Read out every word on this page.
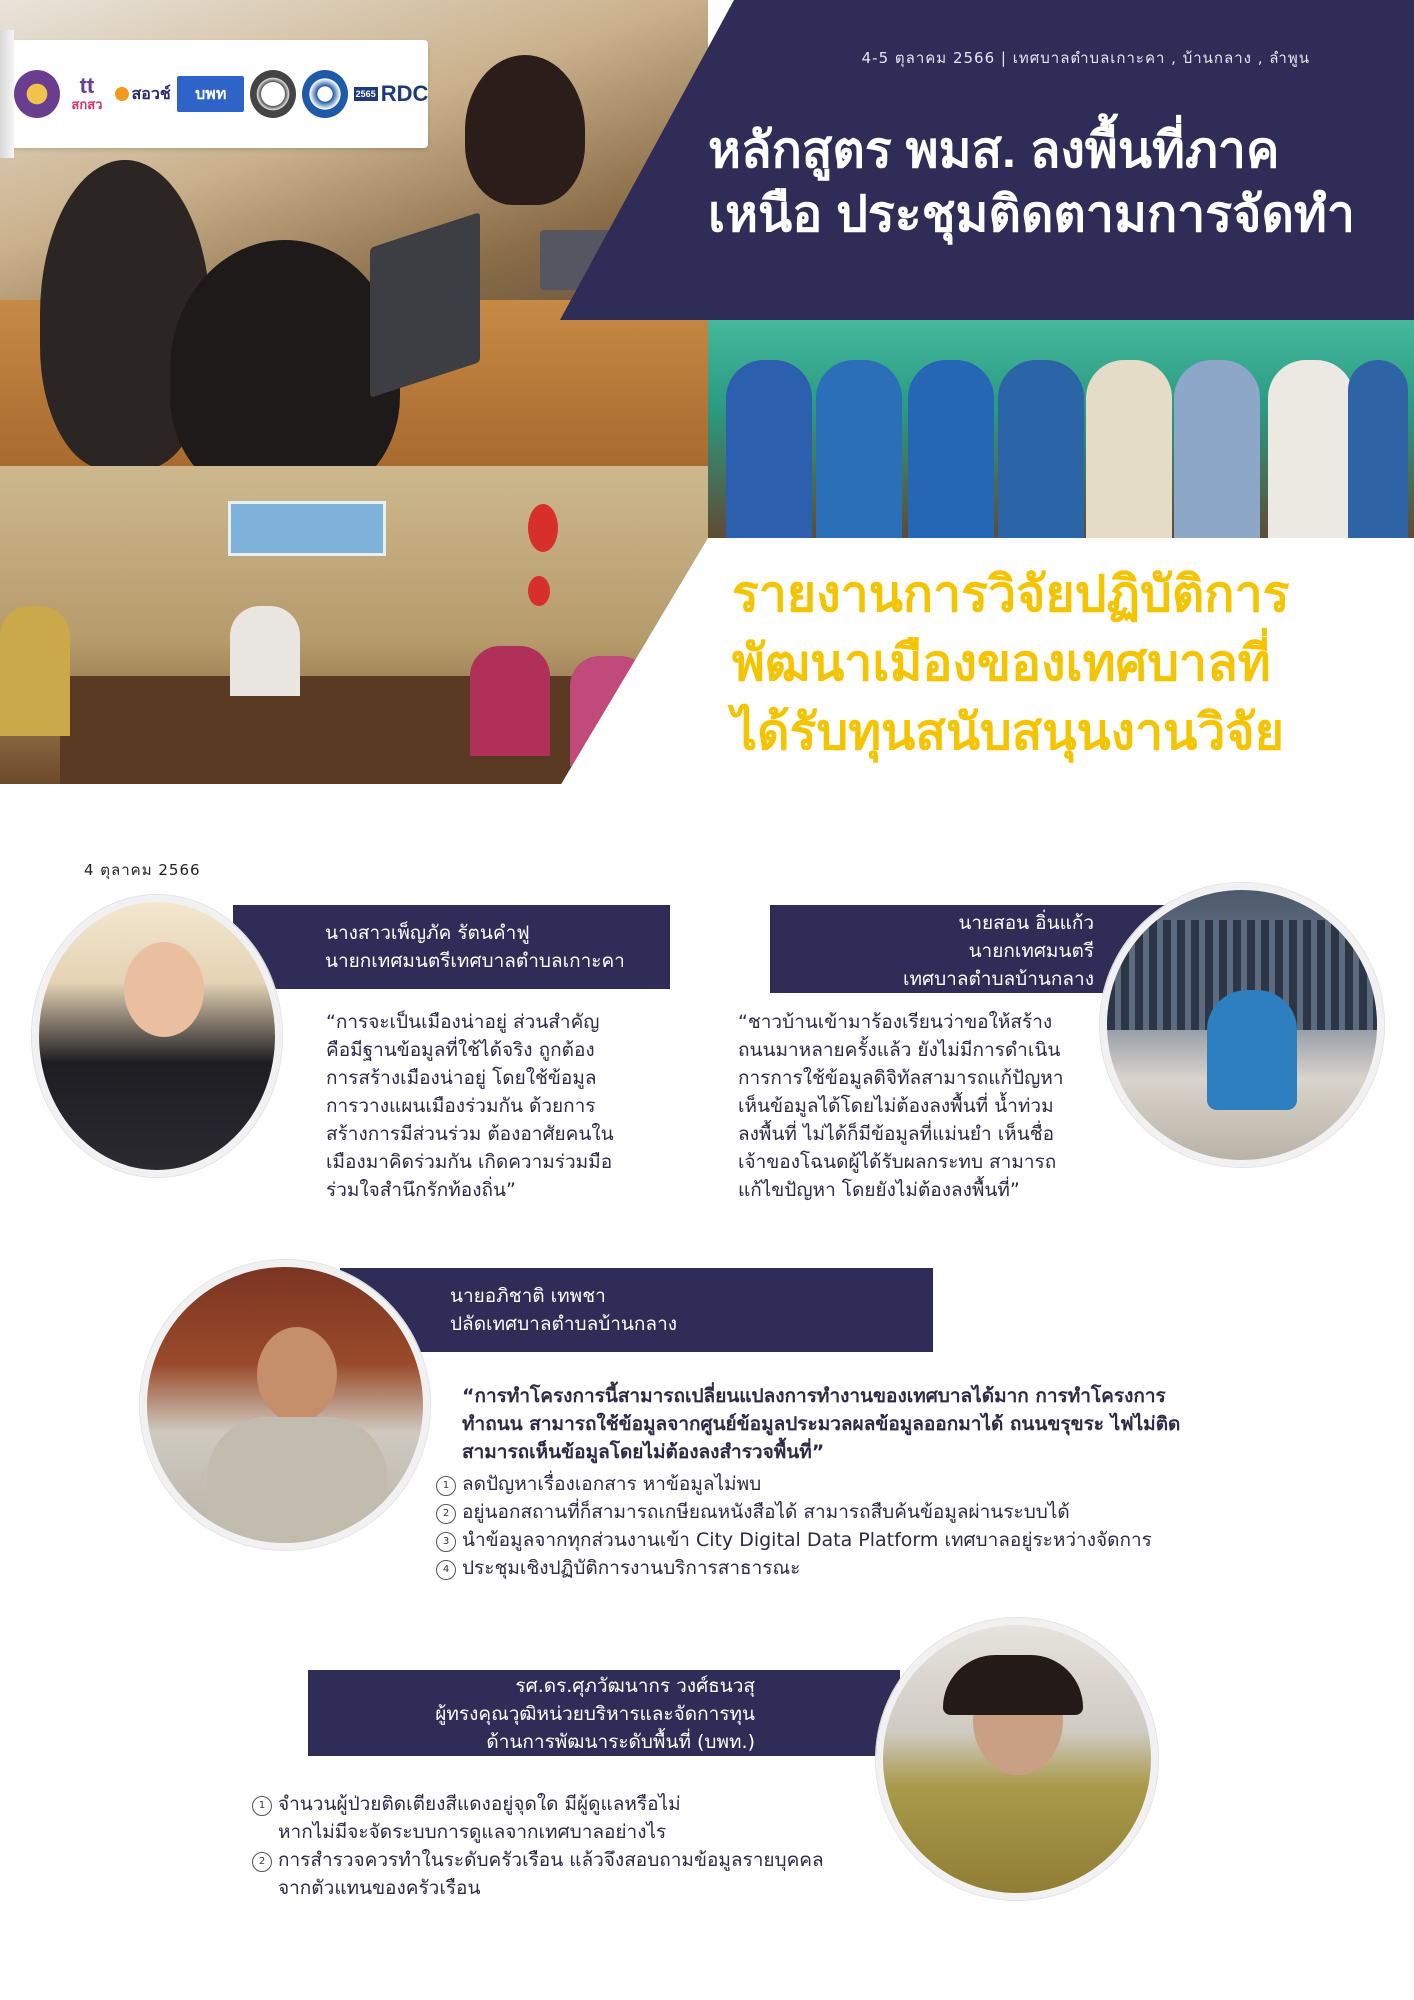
tt
สกสว
สอวช์	บพท	2565 RDC
4-5 ตุลาคม 2566 | เทศบาลตำบลเกาะคา , บ้านกลาง , ลำพูน
หลักสูตร พมส. ลงพื้นที่ภาค
เหนือ ประชุมติดตามการจัดทำ
รายงานการวิจัยปฏิบัติการ
พัฒนาเมืองของเทศบาลที่
ได้รับทุนสนับสนุนงานวิจัย
4 ตุลาคม 2566
นางสาวเพ็ญภัค รัตนคำฟู
นายกเทศมนตรีเทศบาลตำบลเกาะคา
“การจะเป็นเมืองน่าอยู่ ส่วนสำคัญ
คือมีฐานข้อมูลที่ใช้ได้จริง ถูกต้อง
การสร้างเมืองน่าอยู่ โดยใช้ข้อมูล
การวางแผนเมืองร่วมกัน ด้วยการ
สร้างการมีส่วนร่วม ต้องอาศัยคนใน
เมืองมาคิดร่วมกัน เกิดความร่วมมือ
ร่วมใจสำนึกรักท้องถิ่น”
นายสอน อิ่นแก้ว
นายกเทศมนตรี
เทศบาลตำบลบ้านกลาง
“ชาวบ้านเข้ามาร้องเรียนว่าขอให้สร้าง
ถนนมาหลายครั้งแล้ว ยังไม่มีการดำเนิน
การการใช้ข้อมูลดิจิทัลสามารถแก้ปัญหา
เห็นข้อมูลได้โดยไม่ต้องลงพื้นที่ น้ำท่วม
ลงพื้นที่ ไม่ได้ก็มีข้อมูลที่แม่นยำ เห็นชื่อ
เจ้าของโฉนดผู้ได้รับผลกระทบ สามารถ
แก้ไขปัญหา โดยยังไม่ต้องลงพื้นที่”
นายอภิชาติ เทพชา
ปลัดเทศบาลตำบลบ้านกลาง
“การทำโครงการนี้สามารถเปลี่ยนแปลงการทำงานของเทศบาลได้มาก การทำโครงการ
ทำถนน สามารถใช้ข้อมูลจากศูนย์ข้อมูลประมวลผลข้อมูลออกมาได้ ถนนขรุขระ ไฟไม่ติด
สามารถเห็นข้อมูลโดยไม่ต้องลงสำรวจพื้นที่”
1 ลดปัญหาเรื่องเอกสาร หาข้อมูลไม่พบ
2 อยู่นอกสถานที่ก็สามารถเกษียณหนังสือได้ สามารถสืบค้นข้อมูลผ่านระบบได้
3 นำข้อมูลจากทุกส่วนงานเข้า City Digital Data Platform เทศบาลอยู่ระหว่างจัดการ
4 ประชุมเชิงปฏิบัติการงานบริการสาธารณะ
รศ.ดร.ศุภวัฒนากร วงศ์ธนวสุ
ผู้ทรงคุณวุฒิหน่วยบริหารและจัดการทุน
ด้านการพัฒนาระดับพื้นที่ (บพท.)
1 จำนวนผู้ป่วยติดเตียงสีแดงอยู่จุดใด มีผู้ดูแลหรือไม่
หากไม่มีจะจัดระบบการดูแลจากเทศบาลอย่างไร
2 การสำรวจควรทำในระดับครัวเรือน แล้วจึงสอบถามข้อมูลรายบุคคล
จากตัวแทนของครัวเรือน
